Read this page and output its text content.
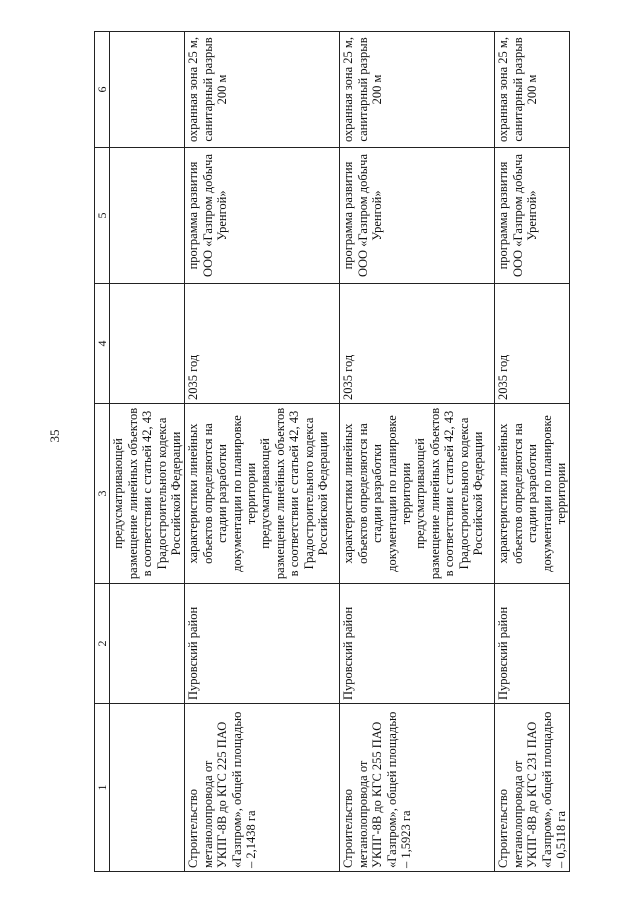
35
1	2	3	4	5	6
		предусматривающей размещение линейных объектов в соответствии с статьей 42, 43 Градостроительного кодекса Российской Федерации			
Строительство метанолопровода от УКПГ-8В до КГС 225 ПАО «Газпром», общей площадью – 2,1438 га	Пуровский район	характеристики линейных объектов определяются на стадии разработки документации по планировке территории предусматривающей размещение линейных объектов в соответствии с статьей 42, 43 Градостроительного кодекса Российской Федерации	2035 год	программа развития ООО «Газпром добыча Уренгой»	охранная зона 25 м, санитарный разрыв 200 м
Строительство метанолопровода от УКПГ-8В до КГС 255 ПАО «Газпром», общей площадью – 1,5923 га	Пуровский район	характеристики линейных объектов определяются на стадии разработки документации по планировке территории предусматривающей размещение линейных объектов в соответствии с статьей 42, 43 Градостроительного кодекса Российской Федерации	2035 год	программа развития ООО «Газпром добыча Уренгой»	охранная зона 25 м, санитарный разрыв 200 м
Строительство метанолопровода от УКПГ-8В до КГС 231 ПАО «Газпром», общей площадью – 0,5118 га	Пуровский район	характеристики линейных объектов определяются на стадии разработки документации по планировке территории	2035 год	программа развития ООО «Газпром добыча Уренгой»	охранная зона 25 м, санитарный разрыв 200 м
